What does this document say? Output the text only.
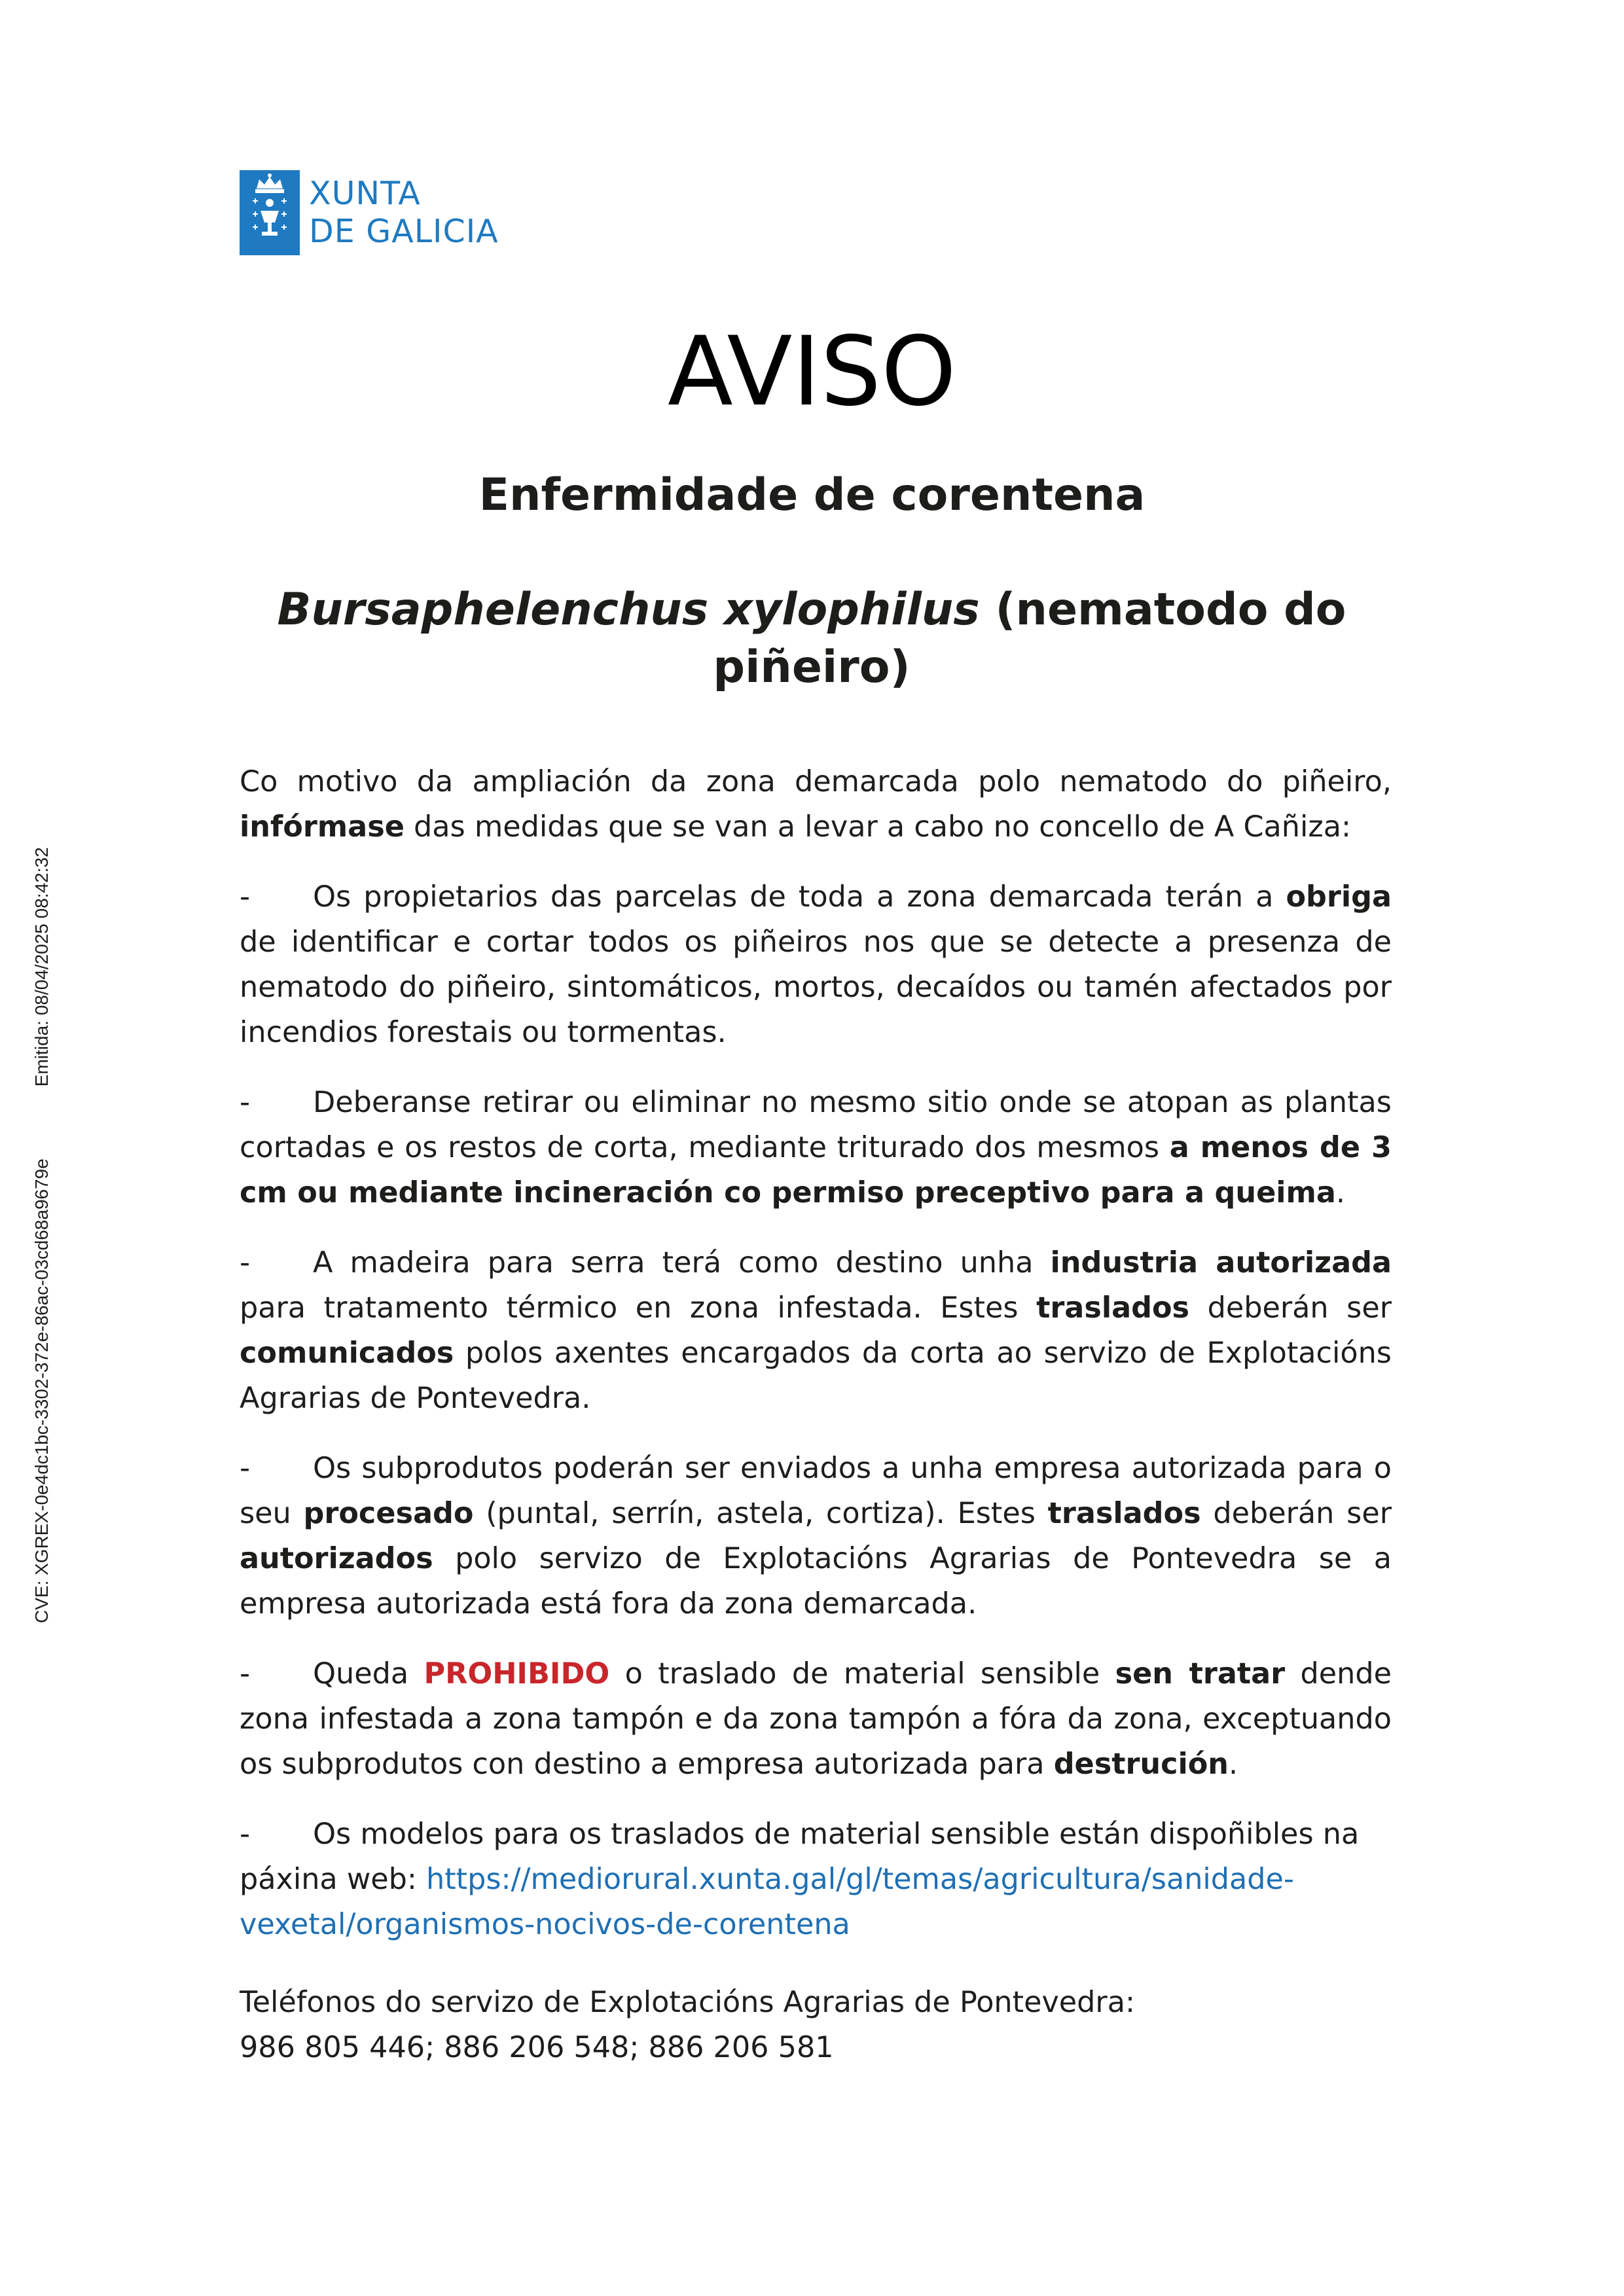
CVE: XGREX-0e4dc1bc-3302-372e-86ac-03cd68a9679eEmitida: 08/04/2025 08:42:32
XUNTA
DE GALICIA
AVISO
Enfermidade de corentena
Bursaphelenchus xylophilus (nematodo do piñeiro)

Co motivo da ampliación da zona demarcada polo nematodo do piñeiro, infórmase das medidas que se van a levar a cabo no concello de A Cañiza:

- Os propietarios das parcelas de toda a zona demarcada terán a obriga de identificar e cortar todos os piñeiros nos que se detecte a presenza de nematodo do piñeiro, sintomáticos, mortos, decaídos ou tamén afectados por incendios forestais ou tormentas.

- Deberanse retirar ou eliminar no mesmo sitio onde se atopan as plantas cortadas e os restos de corta, mediante triturado dos mesmos a menos de 3 cm ou mediante incineración co permiso preceptivo para a queima.

- A madeira para serra terá como destino unha industria autorizada para tratamento térmico en zona infestada. Estes traslados deberán ser comunicados polos axentes encargados da corta ao servizo de Explotacións Agrarias de Pontevedra.

- Os subprodutos poderán ser enviados a unha empresa autorizada para o seu procesado (puntal, serrín, astela, cortiza). Estes traslados deberán ser autorizados polo servizo de Explotacións Agrarias de Pontevedra se a empresa autorizada está fora da zona demarcada.

- Queda PROHIBIDO o traslado de material sensible sen tratar dende zona infestada a zona tampón e da zona tampón a fóra da zona, exceptuando os subprodutos con destino a empresa autorizada para destrución.

- Os modelos para os traslados de material sensible están dispoñibles na páxina web: https://mediorural.xunta.gal/gl/temas/agricultura/sanidade-vexetal/organismos-nocivos-de-corentena

Teléfonos do servizo de Explotacións Agrarias de Pontevedra:
986 805 446; 886 206 548; 886 206 581
